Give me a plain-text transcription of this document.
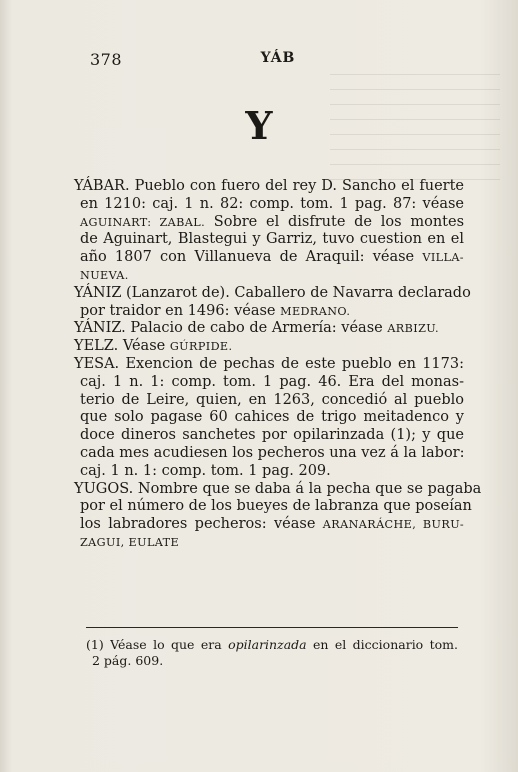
378	YÁB
Y
YÁBAR. Pueblo con fuero del rey D. Sancho el fuerte
en 1210: caj. 1 n. 82: comp. tom. 1 pag. 87: véase
AGUINART: ZABAL. Sobre el disfrute de los montes
de Aguinart, Blastegui y Garriz, tuvo cuestion en el
año 1807 con Villanueva de Araquil: véase VILLA-
NUEVA.
YÁNIZ (Lanzarot de). Caballero de Navarra declarado
por traidor en 1496: véase MEDRANO.
YÁNIZ. Palacio de cabo de Armería: véase ARBIZU.
YELZ. Véase GÚRPIDE.
YESA. Exencion de pechas de este pueblo en 1173:
caj. 1 n. 1: comp. tom. 1 pag. 46. Era del monas-
terio de Leire, quien, en 1263, concedió al pueblo
que solo pagase 60 cahices de trigo meitadenco y
doce dineros sanchetes por opilarinzada (1); y que
cada mes acudiesen los pecheros una vez á la labor:
caj. 1 n. 1: comp. tom. 1 pag. 209.
YUGOS. Nombre que se daba á la pecha que se pagaba
por el número de los bueyes de labranza que poseían
los labradores pecheros: véase ARANARÁCHE, BURU-
ZAGUI, EULATE
(1) Véase lo que era opilarinzada en el diccionario tom.
2 pág. 609.
